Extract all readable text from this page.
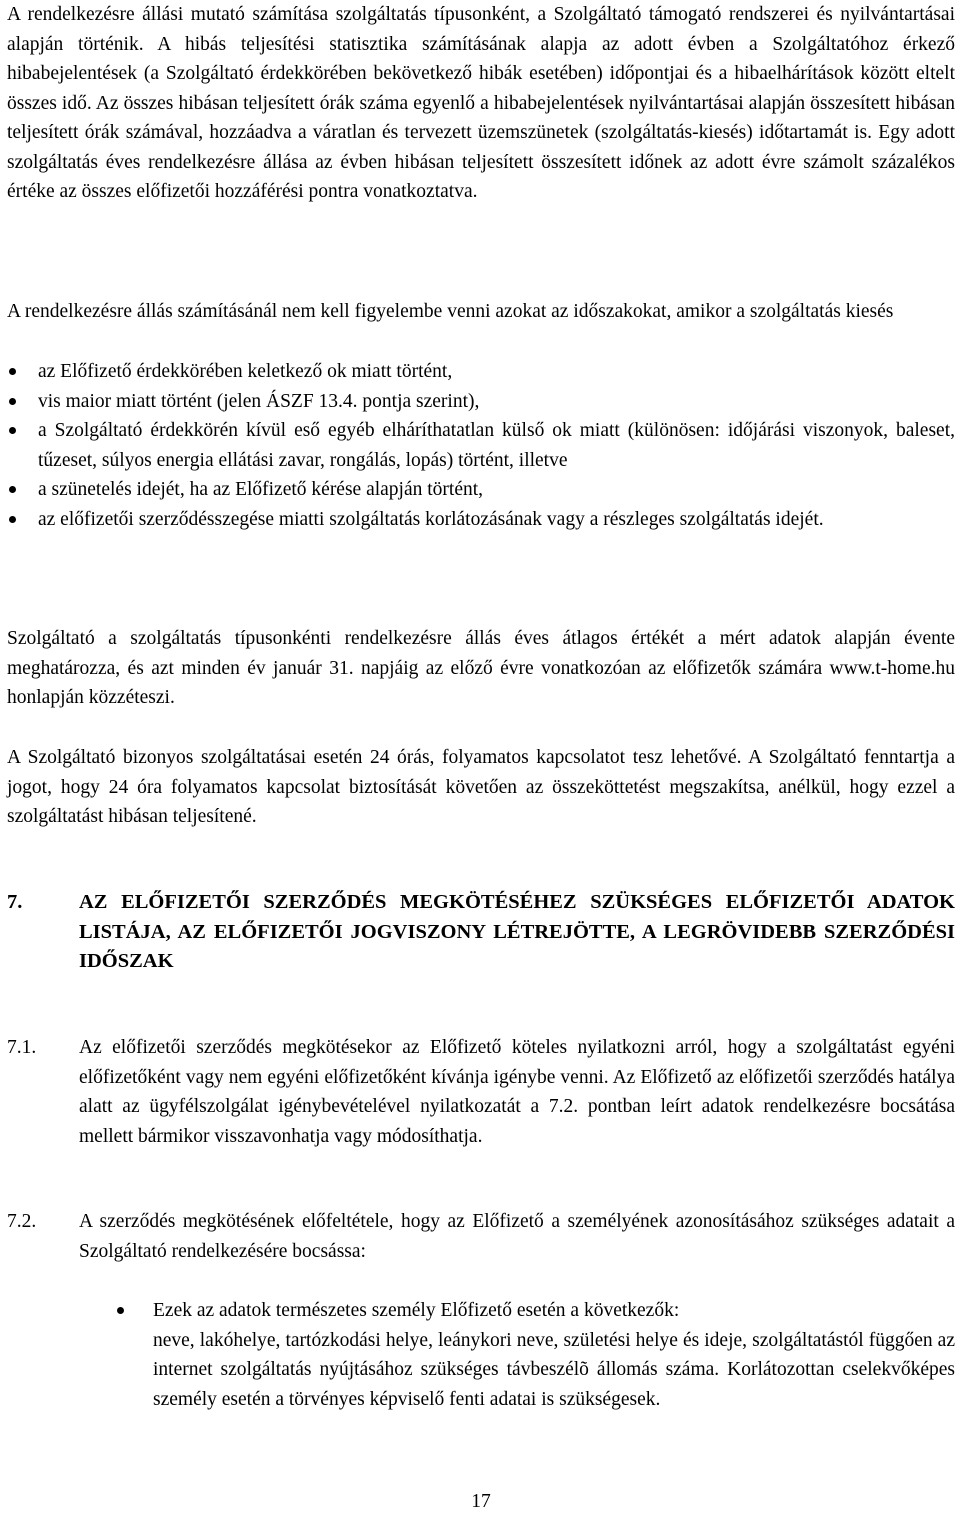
A rendelkezésre állási mutató számítása szolgáltatás típusonként, a Szolgáltató támogató rendszerei és nyilvántartásai alapján történik. A hibás teljesítési statisztika számításának alapja az adott évben a Szolgáltatóhoz érkező hibabejelentések (a Szolgáltató érdekkörében bekövetkező hibák esetében) időpontjai és a hibaelhárítások között eltelt összes idő. Az összes hibásan teljesített órák száma egyenlő a hibabejelentések nyilvántartásai alapján összesített hibásan teljesített órák számával, hozzáadva a váratlan és tervezett üzemszünetek (szolgáltatás-kiesés) időtartamát is. Egy adott szolgáltatás éves rendelkezésre állása az évben hibásan teljesített összesített időnek az adott évre számolt százalékos értéke az összes előfizetői hozzáférési pontra vonatkoztatva.

A rendelkezésre állás számításánál nem kell figyelembe venni azokat az időszakokat, amikor a szolgáltatás kiesés

az Előfizető érdekkörében keletkező ok miatt történt,
vis maior miatt történt (jelen ÁSZF 13.4. pontja szerint),
a Szolgáltató érdekkörén kívül eső egyéb elháríthatatlan külső ok miatt (különösen: időjárási viszonyok, baleset, tűzeset, súlyos energia ellátási zavar, rongálás, lopás) történt, illetve
a szünetelés idejét, ha az Előfizető kérése alapján történt,
az előfizetői szerződésszegése miatti szolgáltatás korlátozásának vagy a részleges szolgáltatás idejét.

Szolgáltató a szolgáltatás típusonkénti rendelkezésre állás éves átlagos értékét a mért adatok alapján évente meghatározza, és azt minden év január 31. napjáig az előző évre vonatkozóan az előfizetők számára www.t-home.hu honlapján közzéteszi.

A Szolgáltató bizonyos szolgáltatásai esetén 24 órás, folyamatos kapcsolatot tesz lehetővé. A Szolgáltató fenntartja a jogot, hogy 24 óra folyamatos kapcsolat biztosítását követően az összeköttetést megszakítsa, anélkül, hogy ezzel a szolgáltatást hibásan teljesítené.

7.	AZ ELŐFIZETŐI SZERZŐDÉS MEGKÖTÉSÉHEZ SZÜKSÉGES ELŐFIZETŐI ADATOK LISTÁJA, AZ ELŐFIZETŐI JOGVISZONY LÉTREJÖTTE, A LEGRÖVIDEBB SZERZŐDÉSI IDŐSZAK
7.1. Az előfizetői szerződés megkötésekor az Előfizető köteles nyilatkozni arról, hogy a szolgáltatást egyéni előfizetőként vagy nem egyéni előfizetőként kívánja igénybe venni. Az Előfizető az előfizetői szerződés hatálya alatt az ügyfélszolgálat igénybevételével nyilatkozatát a 7.2. pontban leírt adatok rendelkezésre bocsátása mellett bármikor visszavonhatja vagy módosíthatja.
7.2. A szerződés megkötésének előfeltétele, hogy az Előfizető a személyének azonosításához szükséges adatait a Szolgáltató rendelkezésére bocsássa:
Ezek az adatok természetes személy Előfizető esetén a következők:
neve, lakóhelye, tartózkodási helye, leánykori neve, születési helye és ideje, szolgáltatástól függően az internet szolgáltatás nyújtásához szükséges távbeszélõ állomás száma. Korlátozottan cselekvőképes személy esetén a törvényes képviselő fenti adatai is szükségesek.
17
